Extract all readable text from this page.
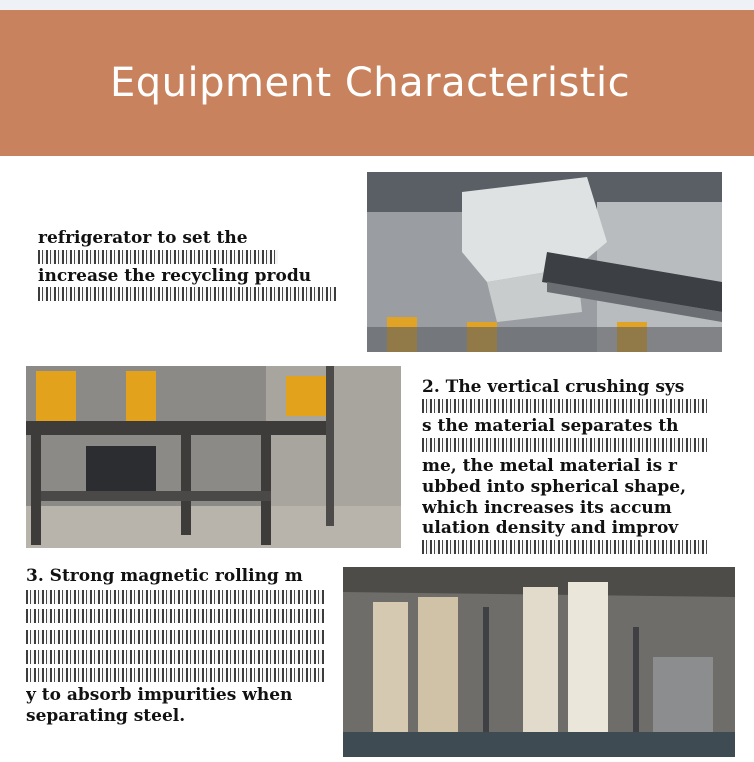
Equipment Characteristic
refrigerator to set the
increase the recycling produ
2. The vertical crushing sys
s the material separates th
me, the metal material is r
ubbed into spherical shape,
which increases its accum
ulation density and improv
3. Strong magnetic rolling m
y to absorb impurities when
separating steel.
